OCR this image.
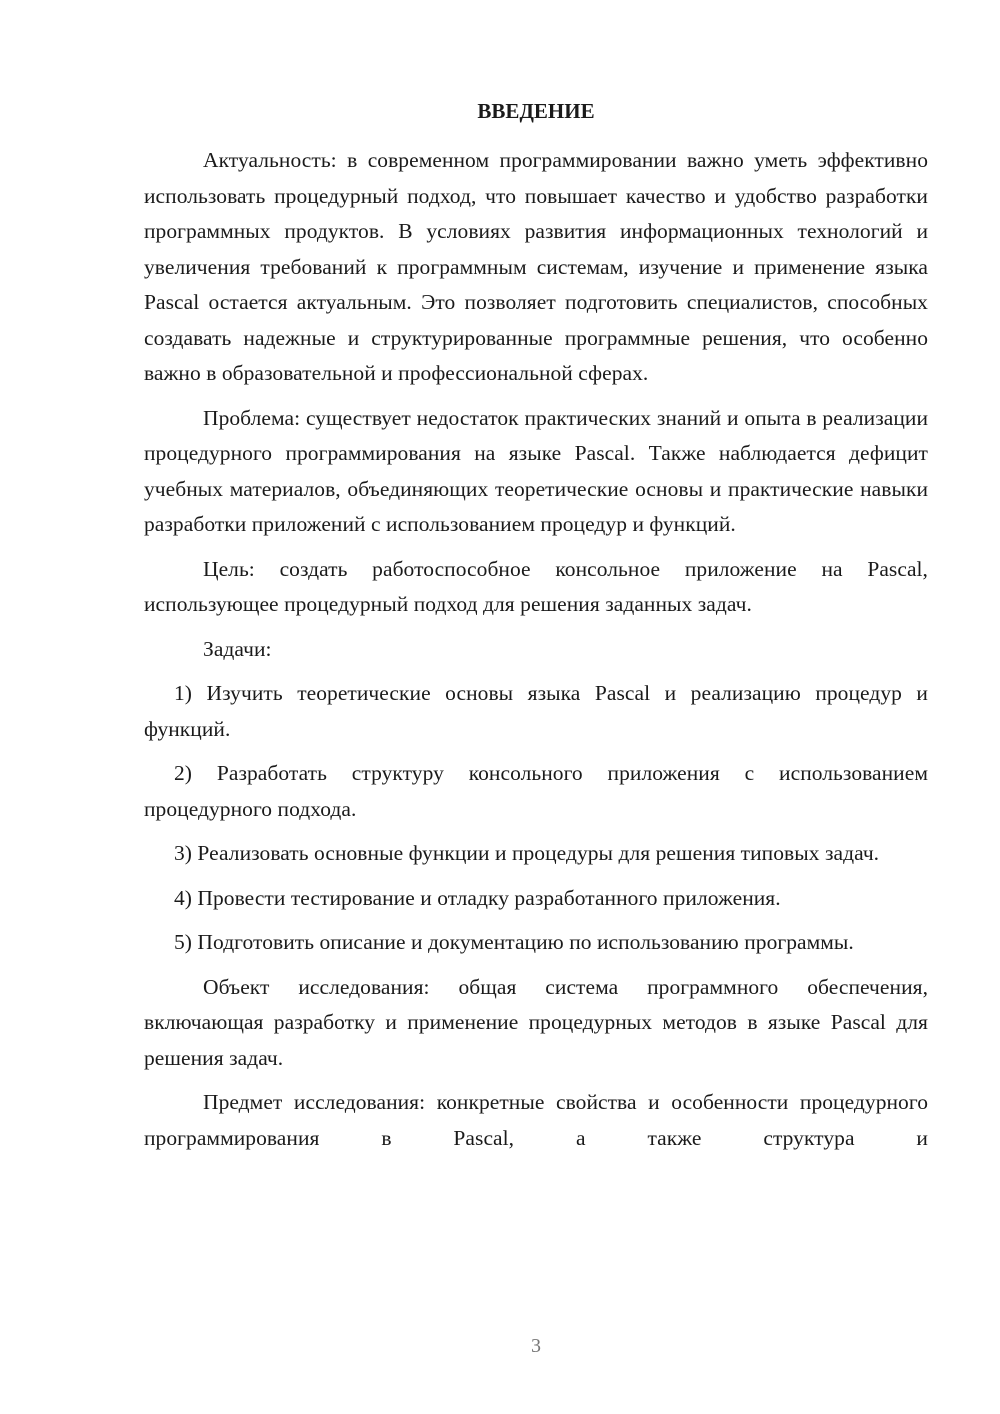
ВВЕДЕНИЕ

Актуальность: в современном программировании важно уметь эффективно использовать процедурный подход, что повышает качество и удобство разработки программных продуктов. В условиях развития информационных технологий и увеличения требований к программным системам, изучение и применение языка Pascal остается актуальным. Это позволяет подготовить специалистов, способных создавать надежные и структурированные программные решения, что особенно важно в образовательной и профессиональной сферах.

Проблема: существует недостаток практических знаний и опыта в реализации процедурного программирования на языке Pascal. Также наблюдается дефицит учебных материалов, объединяющих теоретические основы и практические навыки разработки приложений с использованием процедур и функций.

Цель: создать работоспособное консольное приложение на Pascal, использующее процедурный подход для решения заданных задач.

Задачи:

1) Изучить теоретические основы языка Pascal и реализацию процедур и функций.

2) Разработать структуру консольного приложения с использованием процедурного подхода.

3) Реализовать основные функции и процедуры для решения типовых задач.

4) Провести тестирование и отладку разработанного приложения.

5) Подготовить описание и документацию по использованию программы.

Объект исследования: общая система программного обеспечения, включающая разработку и применение процедурных методов в языке Pascal для решения задач.

Предмет исследования: конкретные свойства и особенности процедурного программирования в Pascal, а также структура и

3
